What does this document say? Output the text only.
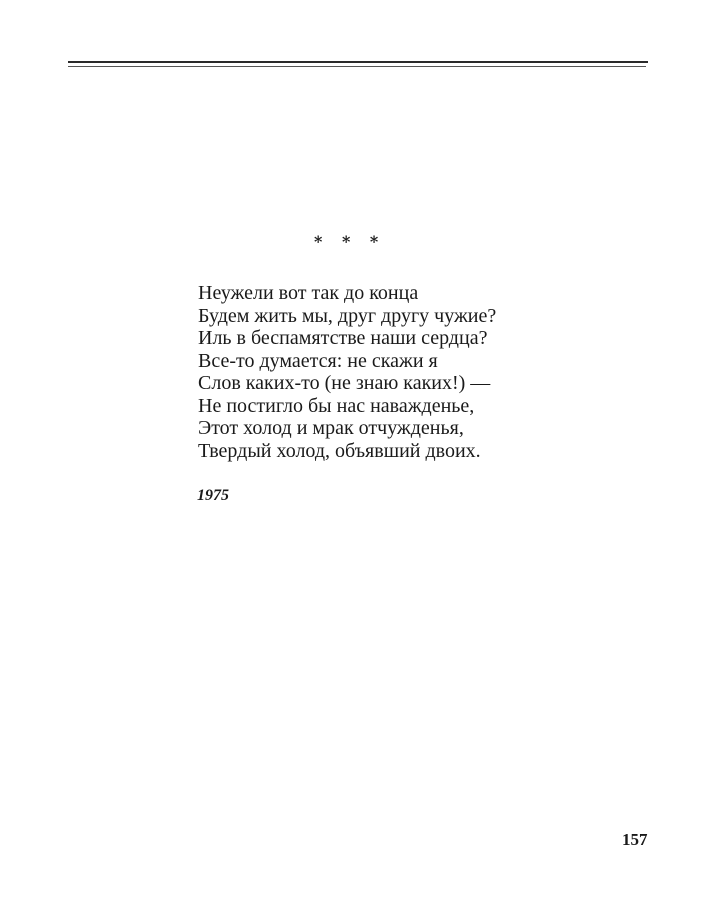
* * *
Неужели вот так до конца
Будем жить мы, друг другу чужие?
Иль в беспамятстве наши сердца?
Все-то думается: не скажи я
Слов каких-то (не знаю каких!) —
Не постигло бы нас наважденье,
Этот холод и мрак отчужденья,
Твердый холод, объявший двоих.
1975
157
